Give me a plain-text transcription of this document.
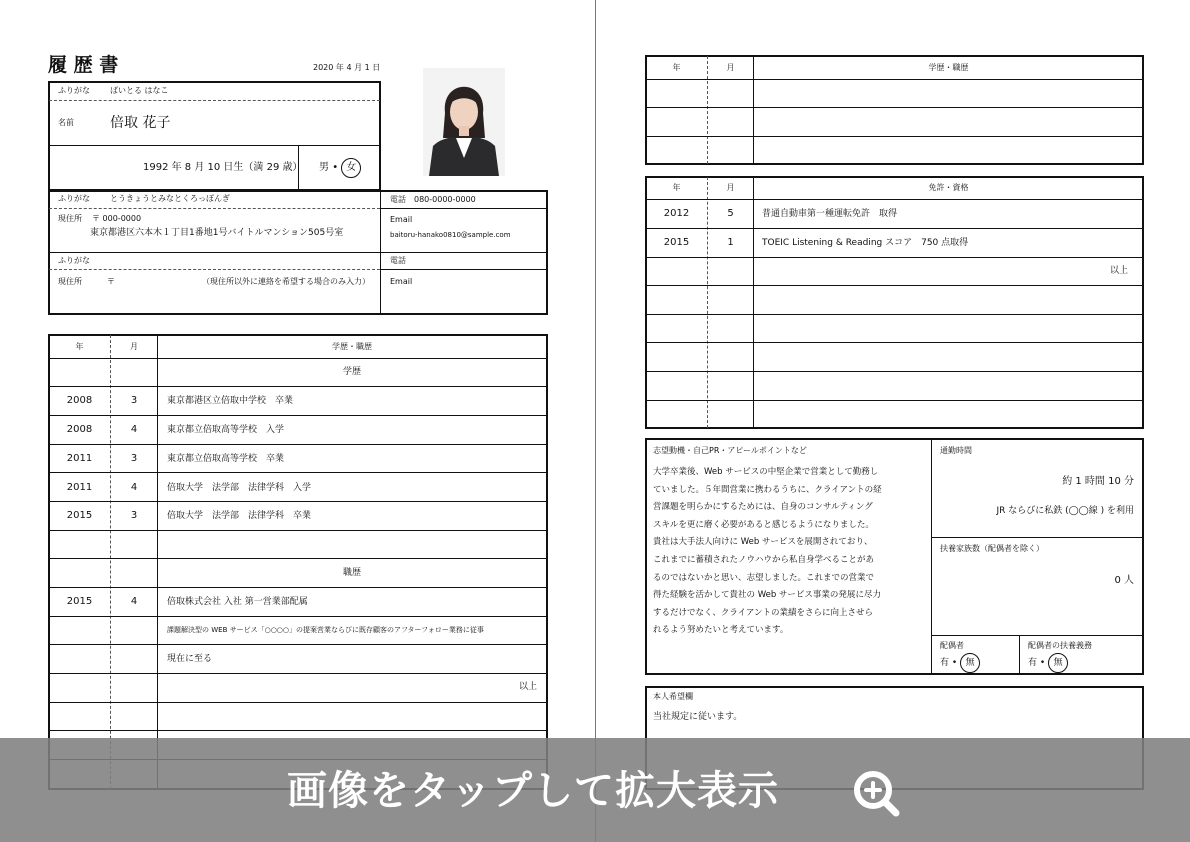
履 歴 書	2020 年 4 月 1 日
ふりがな	ばいとる はなこ
名前	倍取 花子
1992 年 8 月 10 日生（満 29 歳） 男 • 女
ふりがな	とうきょうとみなとくろっぽんぎ
現住所 〒 000-0000
東京都港区六本木１丁目1番地1号バイトルマンション505号室
電話 080-0000-0000
Email
baitoru-hanako0810@sample.com
ふりがな
現住所	〒	（現住所以外に連絡を希望する場合のみ入力）
電話
Email
年	月	学歴・職歴
学歴
2008	3	東京都港区立倍取中学校　卒業
2008	4	東京都立倍取高等学校　入学
2011	3	東京都立倍取高等学校　卒業
2011	4	倍取大学　法学部　法律学科　入学
2015	3	倍取大学　法学部　法律学科　卒業
職歴
2015	4	倍取株式会社 入社 第一営業部配属
課題解決型の WEB サービス「○○○○」の提案営業ならびに既存顧客のアフターフォロー業務に従事
現在に至る
以上
年	月	学歴・職歴
年	月	免許・資格
2012	5	普通自動車第一種運転免許　取得
2015	1	TOEIC Listening & Reading スコア　750 点取得
以上
志望動機・自己PR・アピールポイントなど
大学卒業後、Web サービスの中堅企業で営業として勤務し
ていました。５年間営業に携わるうちに、クライアントの経
営課題を明らかにするためには、自身のコンサルティング
スキルを更に磨く必要があると感じるようになりました。
貴社は大手法人向けに Web サービスを展開されており、
これまでに蓄積されたノウハウから私自身学べることがあ
るのではないかと思い、志望しました。これまでの営業で
得た経験を活かして貴社の Web サービス事業の発展に尽力
するだけでなく、クライアントの業績をさらに向上させら
れるよう努めたいと考えています。
通勤時間
約 1 時間 10 分
JR ならびに私鉄 (◯◯線 ) を利用
扶養家族数（配偶者を除く）
0 人
配偶者
有 • 無
配偶者の扶養義務
有 • 無
本人希望欄
当社規定に従います。
画像をタップして拡大表示
